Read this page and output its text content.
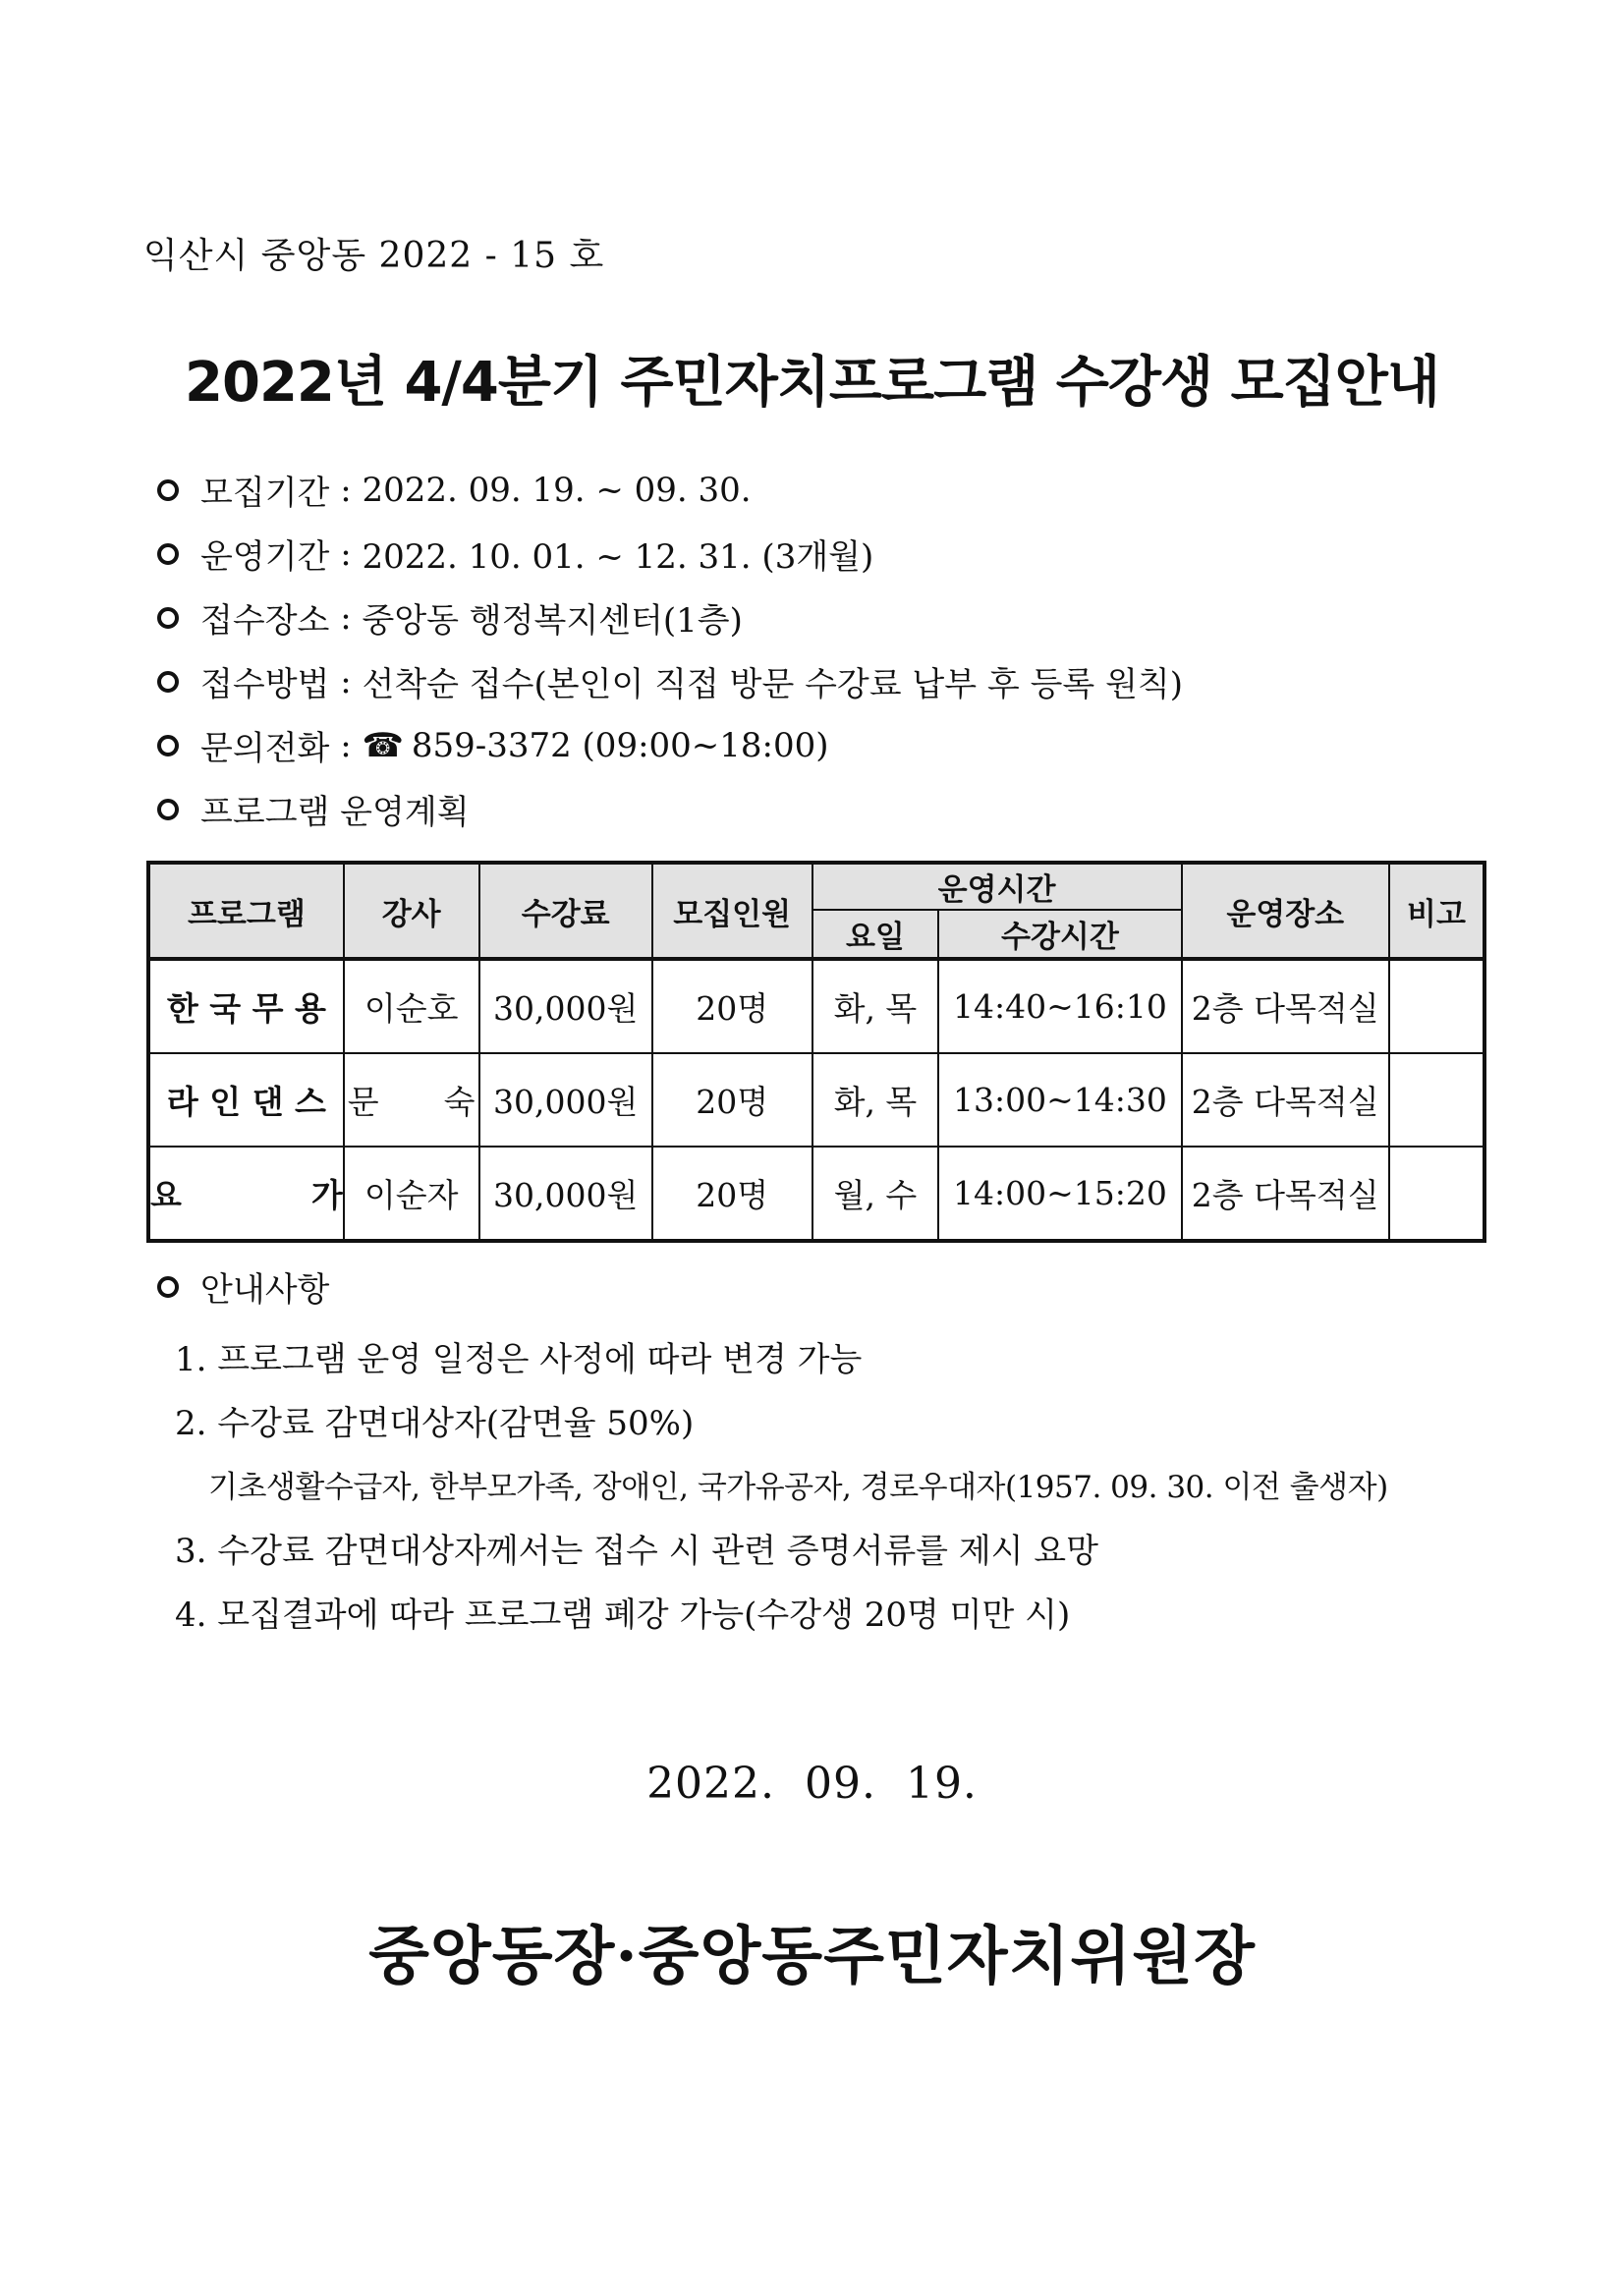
익산시 중앙동 2022 - 15 호
2022년 4/4분기 주민자치프로그램 수강생 모집안내
모집기간 : 2022. 09. 19. ~ 09. 30.
운영기간 : 2022. 10. 01. ~ 12. 31. (3개월)
접수장소 : 중앙동 행정복지센터(1층)
접수방법 : 선착순 접수(본인이 직접 방문 수강료 납부 후 등록 원칙)
문의전화 : ☎ 859-3372 (09:00~18:00)
프로그램 운영계획
프로그램	강사	수강료	모집인원	운영시간		운영장소	비고
				요일	수강시간		
한 국 무 용	이순호	30,000원	20명	화, 목	14:40~16:10	2층 다목적실	
라 인 댄 스	문　　숙	30,000원	20명	화, 목	13:00~14:30	2층 다목적실	
요　　　　가	이순자	30,000원	20명	월, 수	14:00~15:20	2층 다목적실	
안내사항
1. 프로그램 운영 일정은 사정에 따라 변경 가능
2. 수강료 감면대상자(감면율 50%)
기초생활수급자, 한부모가족, 장애인, 국가유공자, 경로우대자(1957. 09. 30. 이전 출생자)
3. 수강료 감면대상자께서는 접수 시 관련 증명서류를 제시 요망
4. 모집결과에 따라 프로그램 폐강 가능(수강생 20명 미만 시)
2022.  09.  19.
중앙동장·중앙동주민자치위원장
